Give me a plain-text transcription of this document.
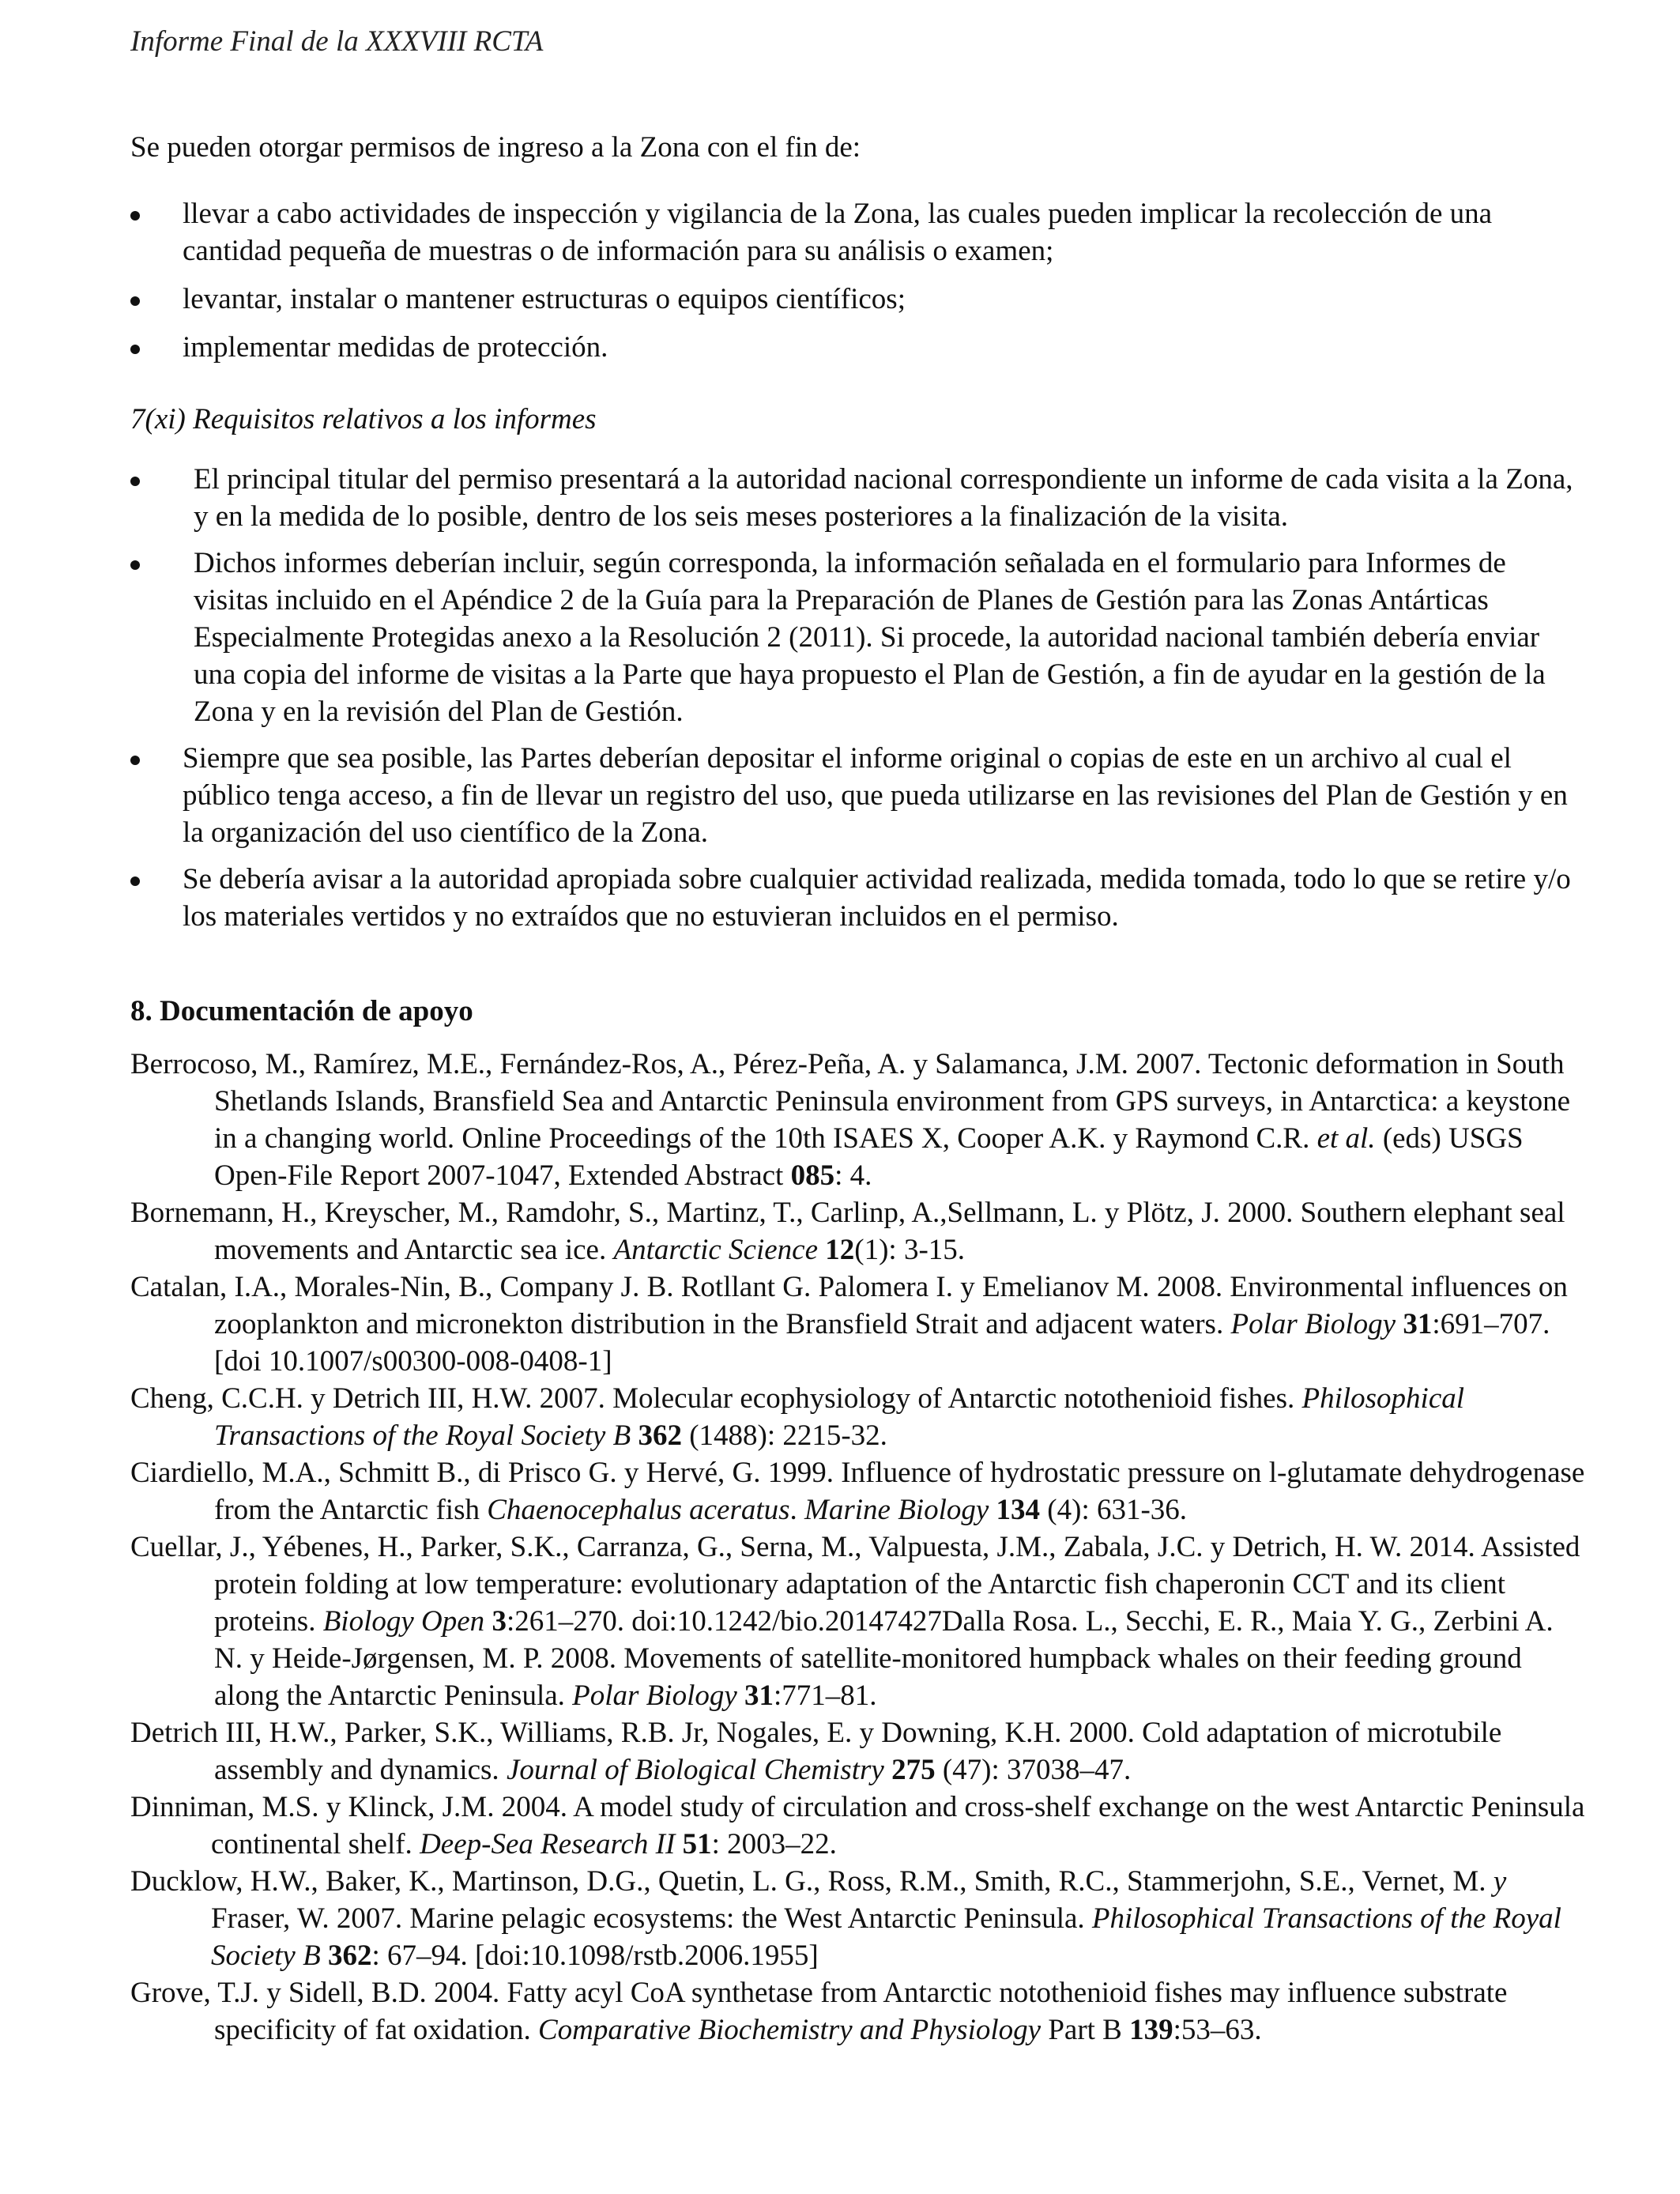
Informe Final de la XXXVIII RCTA
Se pueden otorgar permisos de ingreso a la Zona con el fin de:
llevar a cabo actividades de inspección y vigilancia de la Zona, las cuales pueden implicar la recolección de una cantidad pequeña de muestras o de información para su análisis o examen;
levantar, instalar o mantener estructuras o equipos científicos;
implementar medidas de protección.
7(xi) Requisitos relativos a los informes
El principal titular del permiso presentará a la autoridad nacional correspondiente un informe de cada visita a la Zona, y en la medida de lo posible, dentro de los seis meses posteriores a la finalización de la visita.
Dichos informes deberían incluir, según corresponda, la información señalada en el formulario para Informes de visitas incluido en el Apéndice 2 de la Guía para la Preparación de Planes de Gestión para las Zonas Antárticas Especialmente Protegidas anexo a la Resolución 2 (2011). Si procede, la autoridad nacional también debería enviar una copia del informe de visitas a la Parte que haya propuesto el Plan de Gestión, a fin de ayudar en la gestión de la Zona y en la revisión del Plan de Gestión.
Siempre que sea posible, las Partes deberían depositar el informe original o copias de este en un archivo al cual el público tenga acceso, a fin de llevar un registro del uso, que pueda utilizarse en las revisiones del Plan de Gestión y en la organización del uso científico de la Zona.
Se debería avisar a la autoridad apropiada sobre cualquier actividad realizada, medida tomada, todo lo que se retire y/o los materiales vertidos y no extraídos que no estuvieran incluidos en el permiso.
8. Documentación de apoyo
Berrocoso, M., Ramírez, M.E., Fernández-Ros, A., Pérez-Peña, A. y Salamanca, J.M. 2007. Tectonic deformation in South Shetlands Islands, Bransfield Sea and Antarctic Peninsula environment from GPS surveys, in Antarctica: a keystone in a changing world. Online Proceedings of the 10th ISAES X, Cooper A.K. y Raymond C.R. et al. (eds) USGS Open-File Report 2007-1047, Extended Abstract 085: 4.
Bornemann, H., Kreyscher, M., Ramdohr, S., Martinz, T., Carlinp, A.,Sellmann, L. y Plötz, J. 2000. Southern elephant seal movements and Antarctic sea ice. Antarctic Science 12(1): 3-15.
Catalan, I.A., Morales-Nin, B., Company J. B. Rotllant G. Palomera I. y Emelianov M. 2008. Environmental influences on zooplankton and micronekton distribution in the Bransfield Strait and adjacent waters. Polar Biology 31:691–707. [doi 10.1007/s00300-008-0408-1]
Cheng, C.C.H. y Detrich III, H.W. 2007. Molecular ecophysiology of Antarctic notothenioid fishes. Philosophical Transactions of the Royal Society B 362 (1488): 2215-32.
Ciardiello, M.A., Schmitt B., di Prisco G. y Hervé, G. 1999. Influence of hydrostatic pressure on l-glutamate dehydrogenase from the Antarctic fish Chaenocephalus aceratus. Marine Biology 134 (4): 631-36.
Cuellar, J., Yébenes, H., Parker, S.K., Carranza, G., Serna, M., Valpuesta, J.M., Zabala, J.C. y Detrich, H. W. 2014. Assisted protein folding at low temperature: evolutionary adaptation of the Antarctic fish chaperonin CCT and its client proteins. Biology Open 3:261–270. doi:10.1242/bio.20147427Dalla Rosa. L., Secchi, E. R., Maia Y. G., Zerbini A. N. y Heide-Jørgensen, M. P. 2008. Movements of satellite-monitored humpback whales on their feeding ground along the Antarctic Peninsula. Polar Biology 31:771–81.
Detrich III, H.W., Parker, S.K., Williams, R.B. Jr, Nogales, E. y Downing, K.H. 2000. Cold adaptation of microtubile assembly and dynamics. Journal of Biological Chemistry 275 (47): 37038–47.
Dinniman, M.S. y Klinck, J.M. 2004. A model study of circulation and cross-shelf exchange on the west Antarctic Peninsula continental shelf. Deep-Sea Research II 51: 2003–22.
Ducklow, H.W., Baker, K., Martinson, D.G., Quetin, L. G., Ross, R.M., Smith, R.C., Stammerjohn, S.E., Vernet, M. y Fraser, W. 2007. Marine pelagic ecosystems: the West Antarctic Peninsula. Philosophical Transactions of the Royal Society B 362: 67–94. [doi:10.1098/rstb.2006.1955]
Grove, T.J. y Sidell, B.D. 2004. Fatty acyl CoA synthetase from Antarctic notothenioid fishes may influence substrate specificity of fat oxidation. Comparative Biochemistry and Physiology Part B 139:53–63.
